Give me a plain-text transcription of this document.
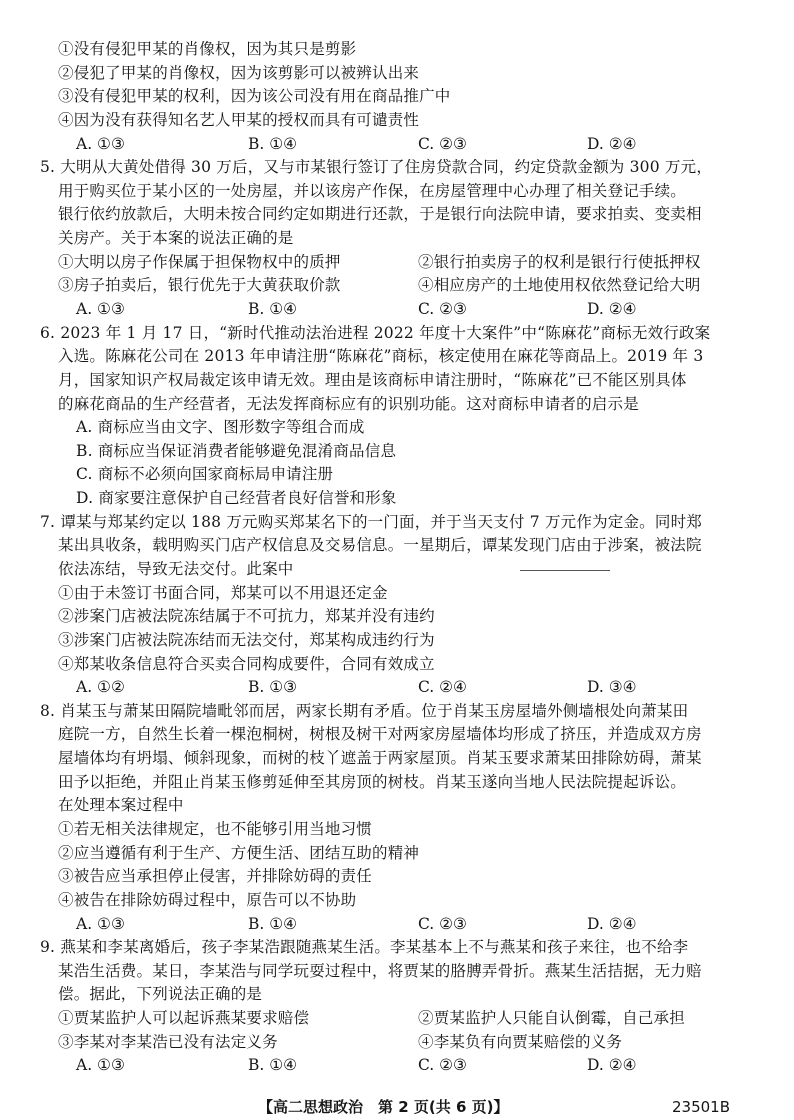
①没有侵犯甲某的肖像权，因为其只是剪影
②侵犯了甲某的肖像权，因为该剪影可以被辨认出来
③没有侵犯甲某的权利，因为该公司没有用在商品推广中
④因为没有获得知名艺人甲某的授权而具有可谴责性
A. ①③	B. ①④	C. ②③	D. ②④
5. 大明从大黄处借得 30 万后，又与市某银行签订了住房贷款合同，约定贷款金额为 300 万元，
用于购买位于某小区的一处房屋，并以该房产作保，在房屋管理中心办理了相关登记手续。
银行依约放款后，大明未按合同约定如期进行还款，于是银行向法院申请，要求拍卖、变卖相
关房产。关于本案的说法正确的是
①大明以房子作保属于担保物权中的质押	②银行拍卖房子的权利是银行行使抵押权
③房子拍卖后，银行优先于大黄获取价款	④相应房产的土地使用权依然登记给大明
A. ①③	B. ①④	C. ②③	D. ②④
6. 2023 年 1 月 17 日，“新时代推动法治进程 2022 年度十大案件”中“陈麻花”商标无效行政案
入选。陈麻花公司在 2013 年申请注册“陈麻花”商标，核定使用在麻花等商品上。2019 年 3
月，国家知识产权局裁定该申请无效。理由是该商标申请注册时，“陈麻花”已不能区别具体
的麻花商品的生产经营者，无法发挥商标应有的识别功能。这对商标申请者的启示是
A. 商标应当由文字、图形数字等组合而成
B. 商标应当保证消费者能够避免混淆商品信息
C. 商标不必须向国家商标局申请注册
D. 商家要注意保护自己经营者良好信誉和形象
7. 谭某与郑某约定以 188 万元购买郑某名下的一门面，并于当天支付 7 万元作为定金。同时郑
某出具收条，载明购买门店产权信息及交易信息。一星期后，谭某发现门店由于涉案，被法院
依法冻结，导致无法交付。此案中
①由于未签订书面合同，郑某可以不用退还定金
②涉案门店被法院冻结属于不可抗力，郑某并没有违约
③涉案门店被法院冻结而无法交付，郑某构成违约行为
④郑某收条信息符合买卖合同构成要件，合同有效成立
A. ①②	B. ①③	C. ②④	D. ③④
8. 肖某玉与萧某田隔院墙毗邻而居，两家长期有矛盾。位于肖某玉房屋墙外侧墙根处向萧某田
庭院一方，自然生长着一棵泡桐树，树根及树干对两家房屋墙体均形成了挤压，并造成双方房
屋墙体均有坍塌、倾斜现象，而树的枝丫遮盖于两家屋顶。肖某玉要求萧某田排除妨碍，萧某
田予以拒绝，并阻止肖某玉修剪延伸至其房顶的树枝。肖某玉遂向当地人民法院提起诉讼。
在处理本案过程中
①若无相关法律规定，也不能够引用当地习惯
②应当遵循有利于生产、方便生活、团结互助的精神
③被告应当承担停止侵害，并排除妨碍的责任
④被告在排除妨碍过程中，原告可以不协助
A. ①③	B. ①④	C. ②③	D. ②④
9. 燕某和李某离婚后，孩子李某浩跟随燕某生活。李某基本上不与燕某和孩子来往，也不给李
某浩生活费。某日，李某浩与同学玩耍过程中，将贾某的胳膊弄骨折。燕某生活拮据，无力赔
偿。据此，下列说法正确的是
①贾某监护人可以起诉燕某要求赔偿	②贾某监护人只能自认倒霉，自己承担
③李某对李某浩已没有法定义务	④李某负有向贾某赔偿的义务
A. ①③	B. ①④	C. ②③	D. ②④
【高二思想政治　第 2 页(共 6 页)】	23501B
